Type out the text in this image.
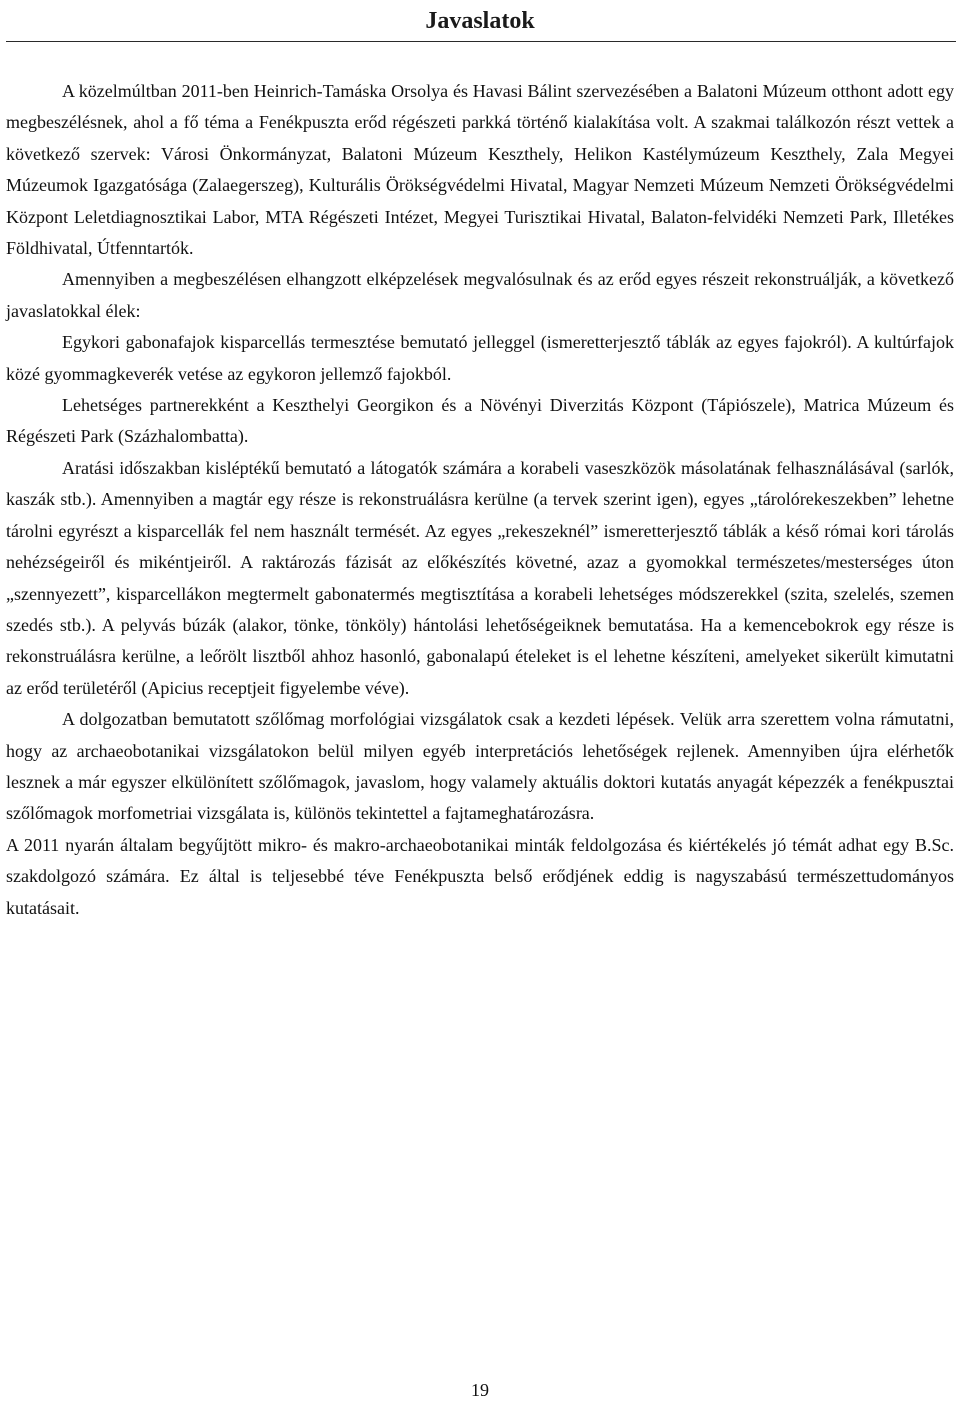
Javaslatok

A közelmúltban 2011-ben Heinrich-Tamáska Orsolya és Havasi Bálint szervezésében a Balatoni Múzeum otthont adott egy megbeszélésnek, ahol a fő téma a Fenékpuszta erőd régészeti parkká történő kialakítása volt. A szakmai találkozón részt vettek a következő szervek: Városi Önkormányzat, Balatoni Múzeum Keszthely, Helikon Kastélymúzeum Keszthely, Zala Megyei Múzeumok Igazgatósága (Zalaegerszeg), Kulturális Örökségvédelmi Hivatal, Magyar Nemzeti Múzeum Nemzeti Örökségvédelmi Központ Leletdiagnosztikai Labor, MTA Régészeti Intézet, Megyei Turisztikai Hivatal, Balaton-felvidéki Nemzeti Park, Illetékes Földhivatal, Útfenntartók.

Amennyiben a megbeszélésen elhangzott elképzelések megvalósulnak és az erőd egyes részeit rekonstruálják, a következő javaslatokkal élek:

Egykori gabonafajok kisparcellás termesztése bemutató jelleggel (ismeretterjesztő táblák az egyes fajokról). A kultúrfajok közé gyommagkeverék vetése az egykoron jellemző fajokból.

Lehetséges partnerekként a Keszthelyi Georgikon és a Növényi Diverzitás Központ (Tápiószele), Matrica Múzeum és Régészeti Park (Százhalombatta).

Aratási időszakban kisléptékű bemutató a látogatók számára a korabeli vaseszközök másolatának felhasználásával (sarlók, kaszák stb.). Amennyiben a magtár egy része is rekonstruálásra kerülne (a tervek szerint igen), egyes „tárolórekeszekben” lehetne tárolni egyrészt a kisparcellák fel nem használt termését. Az egyes „rekeszeknél” ismeretterjesztő táblák a késő római kori tárolás nehézségeiről és mikéntjeiről. A raktározás fázisát az előkészítés követné, azaz a gyomokkal természetes/mesterséges úton „szennyezett”, kisparcellákon megtermelt gabonatermés megtisztítása a korabeli lehetséges módszerekkel (szita, szelelés, szemen szedés stb.). A pelyvás búzák (alakor, tönke, tönköly) hántolási lehetőségeiknek bemutatása. Ha a kemencebokrok egy része is rekonstruálásra kerülne, a leőrölt lisztből ahhoz hasonló, gabonalapú ételeket is el lehetne készíteni, amelyeket sikerült kimutatni az erőd területéről (Apicius receptjeit figyelembe véve).

A dolgozatban bemutatott szőlőmag morfológiai vizsgálatok csak a kezdeti lépések. Velük arra szerettem volna rámutatni, hogy az archaeobotanikai vizsgálatokon belül milyen egyéb interpretációs lehetőségek rejlenek. Amennyiben újra elérhetők lesznek a már egyszer elkülönített szőlőmagok, javaslom, hogy valamely aktuális doktori kutatás anyagát képezzék a fenékpusztai szőlőmagok morfometriai vizsgálata is, különös tekintettel a fajtameghatározásra.

A 2011 nyarán általam begyűjtött mikro- és makro-archaeobotanikai minták feldolgozása és kiértékelés jó témát adhat egy B.Sc. szakdolgozó számára. Ez által is teljesebbé téve Fenékpuszta belső erődjének eddig is nagyszabású természettudományos kutatásait.

19
